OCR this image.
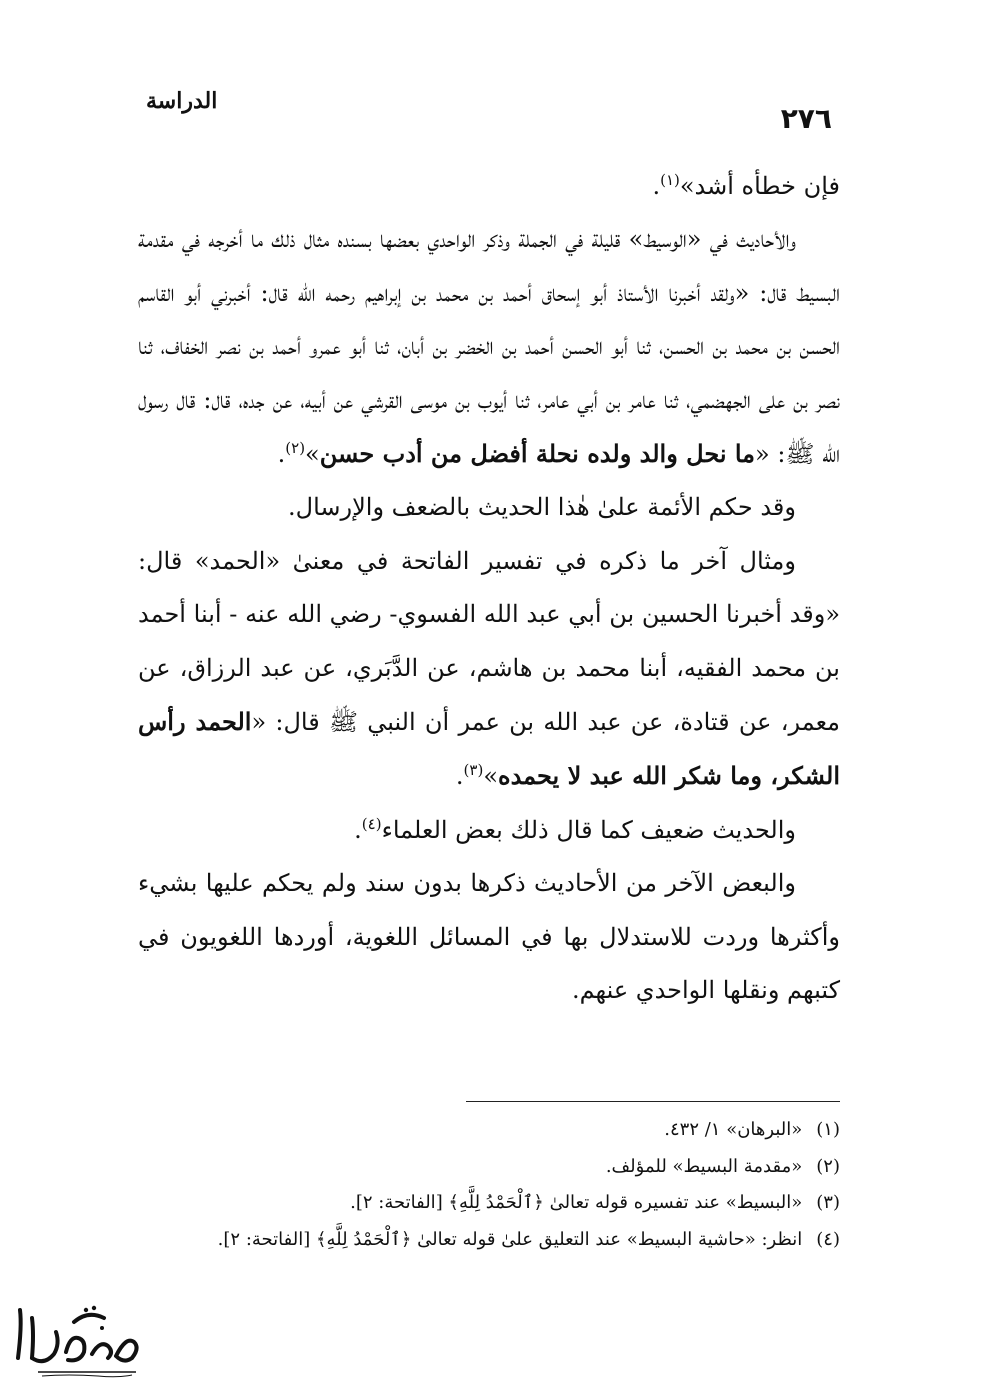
٢٧٦
الدراسة

فإن خطأه أشد»$^{(١)}$.

والأحاديث في «الوسيط» قليلة في الجملة وذكر الواحدي بعضها بسنده مثال ذلك ما أخرجه في مقدمة البسيط قال: «ولقد أخبرنا الأستاذ أبو إسحاق أحمد بن محمد بن إبراهيم رحمه الله قال: أخبرني أبو القاسم الحسن بن محمد بن الحسن، ثنا أبو الحسن أحمد بن الخضر بن أبان، ثنا أبو عمرو أحمد بن نصر الخفاف، ثنا نصر بن على الجهضمي، ثنا عامر بن أبي عامر، ثنا أيوب بن موسى القرشي عن أبيه، عن جده، قال: قال رسول الله ﷺ: «ما نحل والد ولده نحلة أفضل من أدب حسن»$^{(٢)}$.

وقد حكم الأئمة علىٰ هٰذا الحديث بالضعف والإرسال.

ومثال آخر ما ذكره في تفسير الفاتحة في معنىٰ «الحمد» قال: «وقد أخبرنا الحسين بن أبي عبد الله الفسوي- رضي الله عنه - أبنا أحمد بن محمد الفقيه، أبنا محمد بن هاشم، عن الدَّبَري، عن عبد الرزاق، عن معمر، عن قتادة، عن عبد الله بن عمر أن النبي ﷺ قال: «الحمد رأس الشكر، وما شكر الله عبد لا يحمده»$^{(٣)}$.

والحديث ضعيف كما قال ذلك بعض العلماء$^{(٤)}$.

والبعض الآخر من الأحاديث ذكرها بدون سند ولم يحكم عليها بشيء وأكثرها وردت للاستدلال بها في المسائل اللغوية، أوردها اللغويون في كتبهم ونقلها الواحدي عنهم.

(١) «البرهان» ١/ ٤٣٢.

(٢) «مقدمة البسيط» للمؤلف.

(٣) «البسيط» عند تفسيره قوله تعالىٰ ﴿ٱلْحَمْدُ لِلَّهِ﴾ [الفاتحة: ٢].

(٤) انظر: «حاشية البسيط» عند التعليق علىٰ قوله تعالىٰ ﴿ٱلْحَمْدُ لِلَّهِ﴾ [الفاتحة: ٢].
